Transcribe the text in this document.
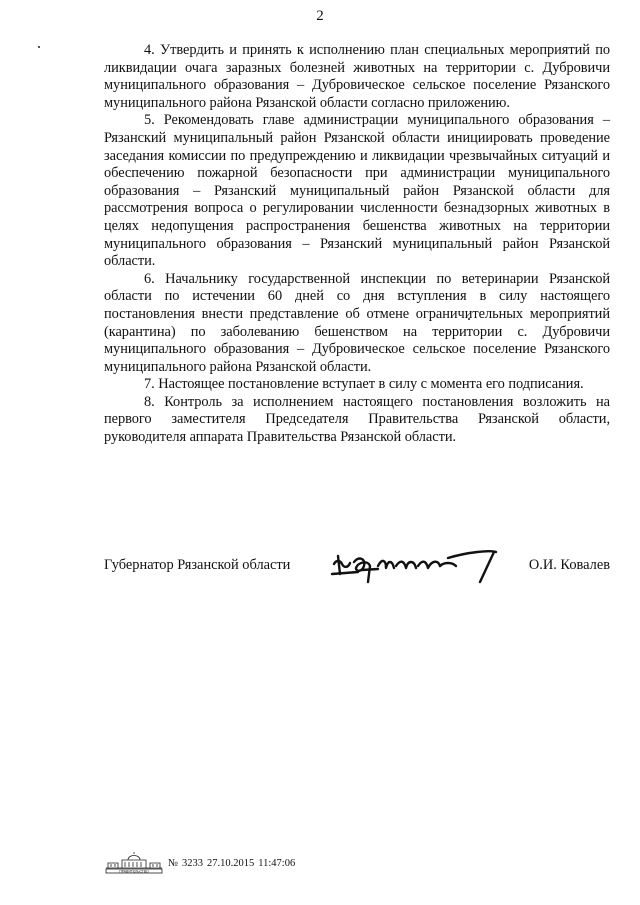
2

4. Утвердить и принять к исполнению план специальных мероприятий по ликвидации очага заразных болезней животных на территории с. Дубровичи муниципального образования – Дубровическое сельское поселение Рязанского муниципального района Рязанской области согласно приложению.

5. Рекомендовать главе администрации муниципального образования – Рязанский муниципальный район Рязанской области инициировать проведение заседания комиссии по предупреждению и ликвидации чрезвычайных ситуаций и обеспечению пожарной безопасности при администрации муниципального образования – Рязанский муниципальный район Рязанской области для рассмотрения вопроса о регулировании численности безнадзорных животных в целях недопущения распространения бешенства животных на территории муниципального образования – Рязанский муниципальный район Рязанской области.

6. Начальнику государственной инспекции по ветеринарии Рязанской области по истечении 60 дней со дня вступления в силу настоящего постановления внести представление об отмене ограничительных мероприятий (карантина) по заболеванию бешенством на территории с. Дубровичи муниципального образования – Дубровическое сельское поселение Рязанского муниципального района Рязанской области.

7. Настоящее постановление вступает в силу с момента его подписания.

8. Контроль за исполнением настоящего постановления возложить на первого заместителя Председателя Правительства Рязанской области, руководителя аппарата Правительства Рязанской области.

Губернатор Рязанской области	О.И. Ковалев
ПРАВИТЕЛЬСТВО
№ 3233 27.10.2015 11:47:06
